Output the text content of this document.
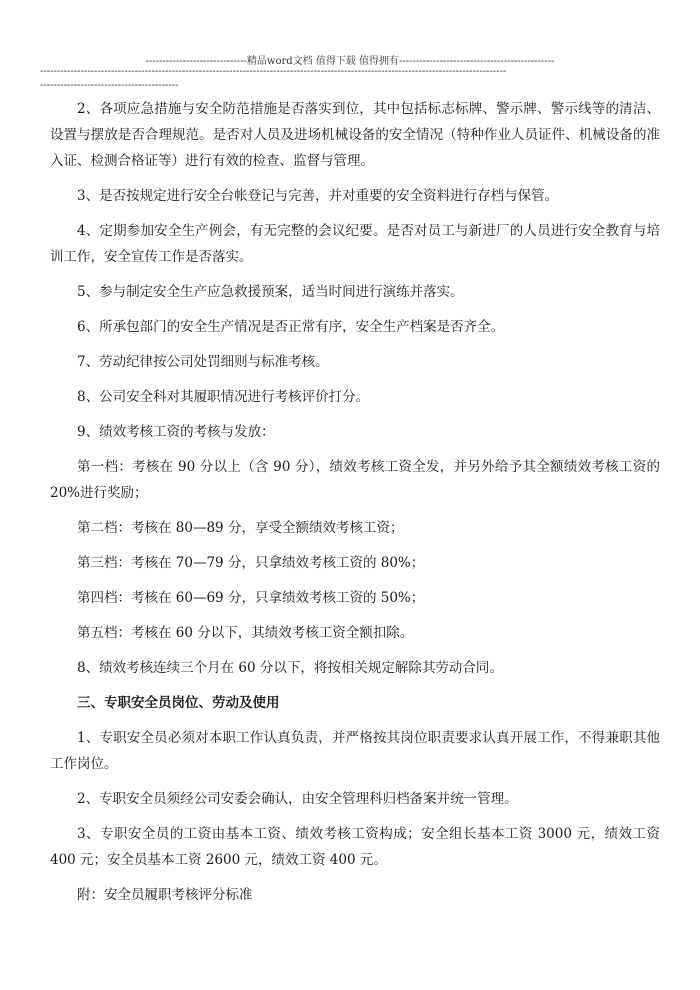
------------------------------精品word文档 值得下载 值得拥有----------------------------------------------
------------------------------------------------------------------------------------------------------------------------------------------
-----------------------------------------

2、各项应急措施与安全防范措施是否落实到位，其中包括标志标牌、警示牌、警示线等的清洁、设置与摆放是否合理规范。是否对人员及进场机械设备的安全情况（特种作业人员证件、机械设备的准入证、检测合格证等）进行有效的检查、监督与管理。

3、是否按规定进行安全台帐登记与完善，并对重要的安全资料进行存档与保管。

4、定期参加安全生产例会，有无完整的会议纪要。是否对员工与新进厂的人员进行安全教育与培训工作，安全宣传工作是否落实。

5、参与制定安全生产应急救援预案，适当时间进行演练并落实。

6、所承包部门的安全生产情况是否正常有序，安全生产档案是否齐全。

7、劳动纪律按公司处罚细则与标准考核。

8、公司安全科对其履职情况进行考核评价打分。

9、绩效考核工资的考核与发放：

第一档：考核在 90 分以上（含 90 分），绩效考核工资全发，并另外给予其全额绩效考核工资的 20%进行奖励；

第二档：考核在 80—89 分，享受全额绩效考核工资；

第三档：考核在 70—79 分，只拿绩效考核工资的 80%；

第四档：考核在 60—69 分，只拿绩效考核工资的 50%；

第五档：考核在 60 分以下，其绩效考核工资全额扣除。

8、绩效考核连续三个月在 60 分以下，将按相关规定解除其劳动合同。

三、专职安全员岗位、劳动及使用

1、专职安全员必须对本职工作认真负责，并严格按其岗位职责要求认真开展工作，不得兼职其他工作岗位。

2、专职安全员须经公司安委会确认，由安全管理科归档备案并统一管理。

3、专职安全员的工资由基本工资、绩效考核工资构成；安全组长基本工资 3000 元，绩效工资 400 元；安全员基本工资 2600 元，绩效工资 400 元。

附：安全员履职考核评分标准
